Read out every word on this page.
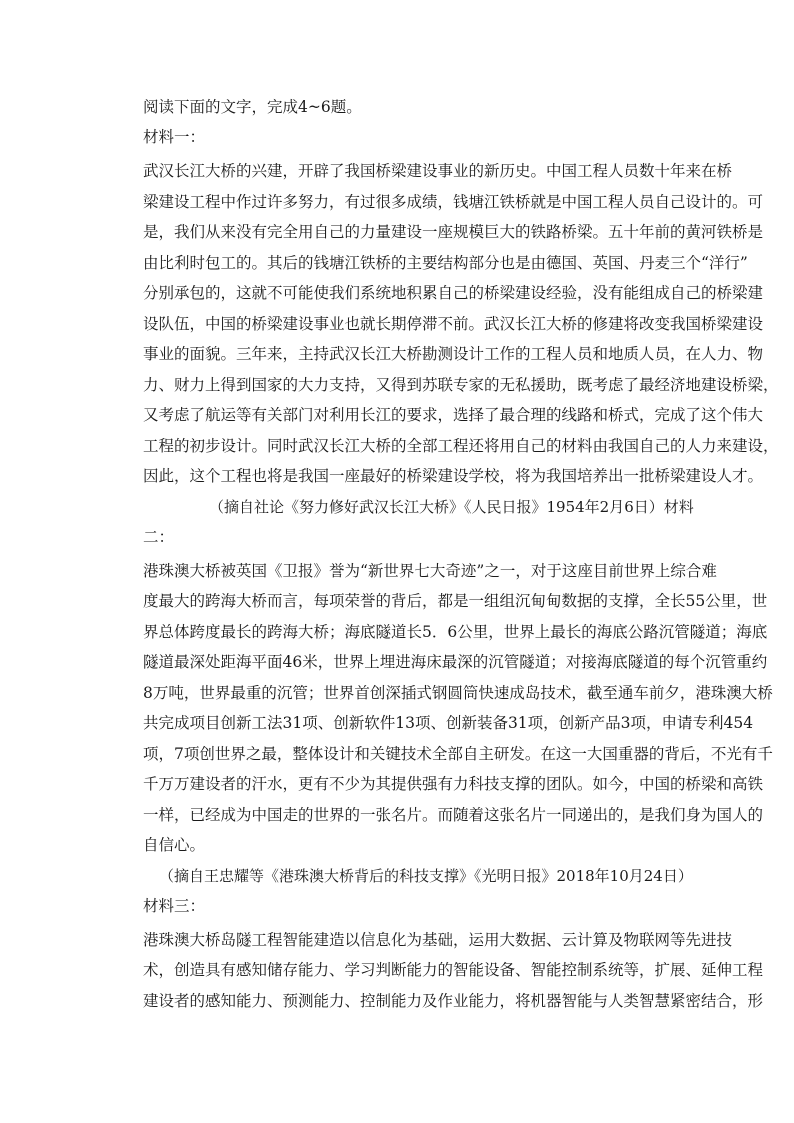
阅读下面的文字，完成4~6题。
材料一：
武汉长江大桥的兴建，开辟了我国桥梁建设事业的新历史。中国工程人员数十年来在桥
梁建设工程中作过许多努力，有过很多成绩，钱塘江铁桥就是中国工程人员自己设计的。可
是，我们从来没有完全用自己的力量建设一座规模巨大的铁路桥梁。五十年前的黄河铁桥是
由比利时包工的。其后的钱塘江铁桥的主要结构部分也是由德国、英国、丹麦三个“洋行”
分别承包的，这就不可能使我们系统地积累自己的桥梁建设经验，没有能组成自己的桥梁建
设队伍，中国的桥梁建设事业也就长期停滞不前。武汉长江大桥的修建将改变我国桥梁建设
事业的面貌。三年来，主持武汉长江大桥勘测设计工作的工程人员和地质人员，在人力、物
力、财力上得到国家的大力支持，又得到苏联专家的无私援助，既考虑了最经济地建设桥梁，
又考虑了航运等有关部门对利用长江的要求，选择了最合理的线路和桥式，完成了这个伟大
工程的初步设计。同时武汉长江大桥的全部工程还将用自己的材料由我国自己的人力来建设，
因此，这个工程也将是我国一座最好的桥梁建设学校，将为我国培养出一批桥梁建设人才。
（摘自社论《努力修好武汉长江大桥》《人民日报》1954年2月6日）材料
二：
港珠澳大桥被英国《卫报》誉为“新世界七大奇迹”之一，对于这座目前世界上综合难
度最大的跨海大桥而言，每项荣誉的背后，都是一组组沉甸甸数据的支撑，全长55公里，世
界总体跨度最长的跨海大桥；海底隧道长5．6公里，世界上最长的海底公路沉管隧道；海底
隧道最深处距海平面46米，世界上埋进海床最深的沉管隧道；对接海底隧道的每个沉管重约
8万吨，世界最重的沉管；世界首创深插式钢圆筒快速成岛技术，截至通车前夕，港珠澳大桥
共完成项目创新工法31项、创新软件13项、创新装备31项，创新产品3项，申请专利454
项，7项创世界之最，整体设计和关键技术全部自主研发。在这一大国重器的背后，不光有千
千万万建设者的汗水，更有不少为其提供强有力科技支撑的团队。如今，中国的桥梁和高铁
一样，已经成为中国走的世界的一张名片。而随着这张名片一同递出的，是我们身为国人的
自信心。
（摘自王忠耀等《港珠澳大桥背后的科技支撑》《光明日报》2018年10月24日）
材料三：
港珠澳大桥岛隧工程智能建造以信息化为基础，运用大数据、云计算及物联网等先进技
术，创造具有感知储存能力、学习判断能力的智能设备、智能控制系统等，扩展、延伸工程
建设者的感知能力、预测能力、控制能力及作业能力，将机器智能与人类智慧紧密结合，形
